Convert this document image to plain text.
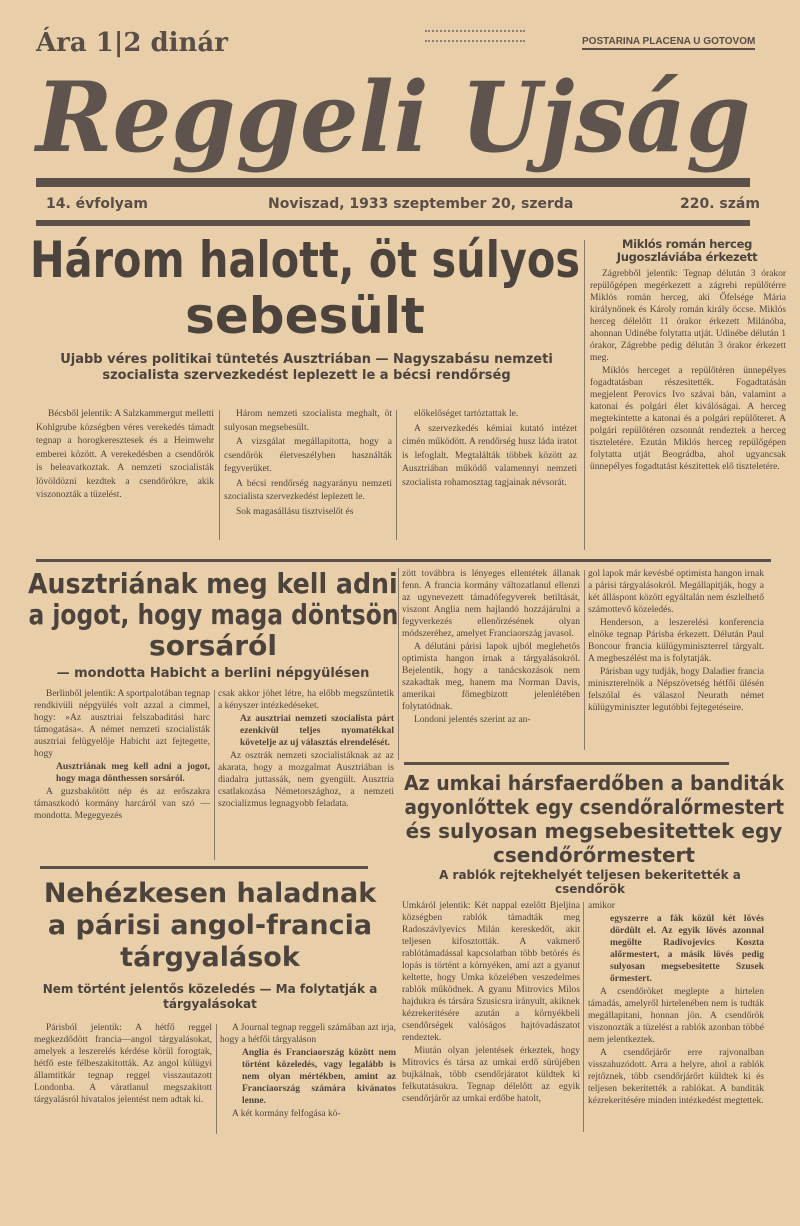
Ára 1|2 dinár	POSTARINA PLACENA U GOTOVOM
Reggeli Ujság
14. évfolyam	Noviszad, 1933 szeptember 20, szerda	220. szám
Három halott, öt súlyos
sebesült
Ujabb véres politikai tüntetés Ausztriában — Nagyszabásu nemzeti szocialista szervezkedést leplezett le a bécsi rendőrség

Bécsből jelentik: A Salzkammergut melletti Kohlgrube községben véres verekedés támadt tegnap a horogkeresztesek és a Heimwehr emberei között. A verekedésben a csendőrök is beleavatkoztak. A nemzeti szocialisták lövöldözni kezdtek a csendőrökre, akik viszonozták a tüzelést.

Három nemzeti szocialista meghalt, öt sulyosan megsebesült.

A vizsgálat megállapitotta, hogy a csendőrök életveszélyben használták fegyverüket.

A bécsi rendőrség nagyarányu nemzeti szocialista szervezkedést leplezett le.

Sok magasállásu tisztviselőt és

előkelőséget tartóztattak le.

A szervezkedés kémiai kutató intézet cimén működött. A rendőrség husz láda iratot is lefoglalt. Megtalálták többek között az Ausztriában működő valamennyi nemzeti szocialista rohamosztag tagjainak névsorát.

Miklós román herceg Jugoszláviába érkezett

Zágrebből jelentik: Tegnap délután 3 órakor repülőgépen megérkezett a zágrebi repülőtérre Miklós román herceg, aki Őfelsége Mária királynőnek és Károly román király öccse. Miklós herceg délelőtt 11 órakor érkezett Milánóba, ahonnan Udinébe folytatta utját. Udinébe délután 1 órakor, Zágrebbe pedig délután 3 órakor érkezett meg.

Miklós herceget a repülőtéren ünnepélyes fogadtatásban részesitették. Fogadtatásán megjelent Perovics Ivo szávai bán, valamint a katonai és polgári élet kiválóságai. A herceg megtekintette a katonai és a polgári repülőteret. A polgári repülőtéren ozsonnát rendeztek a herceg tiszteletére. Ezután Miklós herceg repülőgépen folytatta utját Beográdba, ahol ugyancsak ünnepélyes fogadtatást készitettek elő tiszteletére.

Ausztriának meg kell adni
a jogot, hogy maga döntsön
sorsáról
— mondotta Habicht a berlini népgyülésen

Berlinből jelentik: A sportpalotában tegnap rendkivüli népgyülés volt azzal a cimmel, hogy: »Az ausztriai felszabaditási harc támogatása«. A német nemzeti szocialisták ausztriai felügyelője Habicht azt fejtegette, hogy

Ausztriának meg kell adni a jogot, hogy maga dönthessen sorsáról.

A guzsbakötött nép és az erőszakra támaszkodó kormány harcáról van szó — mondotta. Megegyezés

csak akkor jöhet létre, ha előbb megszüntetik a kényszer intézkedéseket.

Az ausztriai nemzeti szocialista párt ezenkivül teljes nyomatékkal követelje az uj választás elrendelését.

Az osztrák nemzeti szocialistáknak az az akarata, hogy a mozgalmat Ausztriában is diadalra juttassák, nem gyengült. Ausztria csatlakozása Németországhoz, a nemzeti szocializmus legnagyobb feladata.

zött továbbra is lényeges ellentétek állanak fenn. A francia kormány változatlanul ellenzi az ugynevezett támadófegyverek betiltását, viszont Anglia nem hajlandó hozzájárulni a fegyverkezés ellenőrzésének olyan módszeréhez, amelyet Franciaország javasol.

A délutáni párisi lapok ujból meglehetős optimista hangon irnak a tárgyalásokról. Bejelentik, hogy a tanácskozások nem szakadtak meg, hanem ma Norman Davis, amerikai főmegbizott jelenlétében folytatódnak.

Londoni jelentés szerint az an-

gol lapok már kevésbé optimista hangon irnak a párisi tárgyalásokról. Megállapitják, hogy a két álláspont között egyáltalán nem észlelhető számottevő közeledés.

Henderson, a leszerelési konferencia elnöke tegnap Párisba érkezett. Délután Paul Boncour francia külügyminiszterrel tárgyalt. A megbeszélést ma is folytatják.

Párisban ugy tudják, hogy Daladier francia miniszterelnök a Népszövetség hétfői ülésén felszólal és válaszol Neurath német külügyminiszter legutóbbi fejtegetéseire.

Az umkai hársfaerdőben a banditák
agyonlőttek egy csendőralőrmestert
és sulyosan megsebesitettek egy
csendőrőrmestert
A rablók rejtekhelyét teljesen bekeritették a csendőrök

Umkáról jelentik: Két nappal ezelőtt Bjeljina községben rablók támadták meg Radoszávlyevics Milán kereskedőt, akit teljesen kifosztották. A vakmerő rablótámadással kapcsolatban több betörés és lopás is történt a környéken, ami azt a gyanut keltette, hogy Umka közelében veszedelmes rablók működnek. A gyanu Mitrovics Milos hajdukra és társára Szusicsra irányult, akiknek kézrekeritésére azután a környékbeli csendőrségek valóságos hajtóvadászatot rendeztek.

Miután olyan jelentések érkeztek, hogy Mitrovics és társa az umkai erdő sürüjében bujkálnak, több csendőrjáratot küldtek ki felkutatásukra. Tegnap délelőtt az egyik csendőrjárőr az umkai erdőbe hatolt,

amikor

egyszerre a fák közül két lövés dördült el. Az egyik lövés azonnal megölte Radivojevics Koszta alőrmestert, a másik lövés pedig sulyosan megsebesitette Szusek őrmestert.

A csendőröket meglepte a hirtelen támadás, amelyről hirtelenében nem is tudták megállapitani, honnan jön. A csendőrök viszonozták a tüzelést a rablók azonban többé nem jelentkeztek.

A csendőrjárőr erre rajvonalban visszahuzódott. Arra a helyre, ahol a rablók rejtőznek, több csendőrjárőrt küldtek ki és teljesen bekeritették a rablókat. A banditák kézrekeritésére minden intézkedést megtettek.

Nehézkesen haladnak
a párisi angol-francia
tárgyalások
Nem történt jelentős közeledés — Ma folytatják a tárgyalásokat

Párisból jelentik: A hétfő reggel megkezdődött francia—angol tárgyalásokat, amelyek a leszerelés kérdése körül forogtak, hétfő este félbeszakitották. Az angol külügyi államtitkár tegnap reggel visszautazott Londonba. A váratlanul megszakitott tárgyalásról hivatalos jelentést nem adtak ki.

A Journal tegnap reggeli számában azt irja, hogy a hétfői tárgyaláson

Anglia és Franciaország között nem történt közeledés, vagy legalább is nem olyan mértékben, amint az Franciaország számára kivánatos lenne.

A két kormány felfogása kö-
